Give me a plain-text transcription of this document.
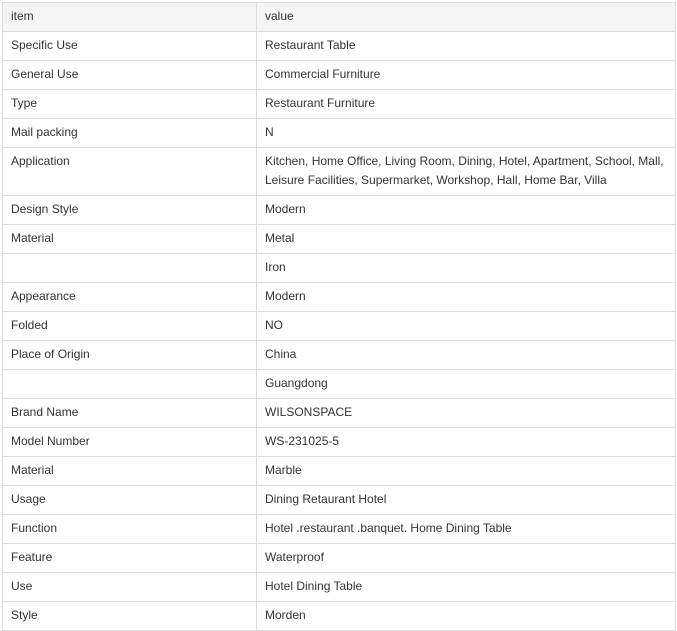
item	value
Specific Use	Restaurant Table
General Use	Commercial Furniture
Type	Restaurant Furniture
Mail packing	N
Application	Kitchen, Home Office, Living Room, Dining, Hotel, Apartment, School, Mall, Leisure Facilities, Supermarket, Workshop, Hall, Home Bar, Villa
Design Style	Modern
Material	Metal
	Iron
Appearance	Modern
Folded	NO
Place of Origin	China
	Guangdong
Brand Name	WILSONSPACE
Model Number	WS-231025-5
Material	Marble
Usage	Dining Retaurant Hotel
Function	Hotel .restaurant .banquet. Home Dining Table
Feature	Waterproof
Use	Hotel Dining Table
Style	Morden
